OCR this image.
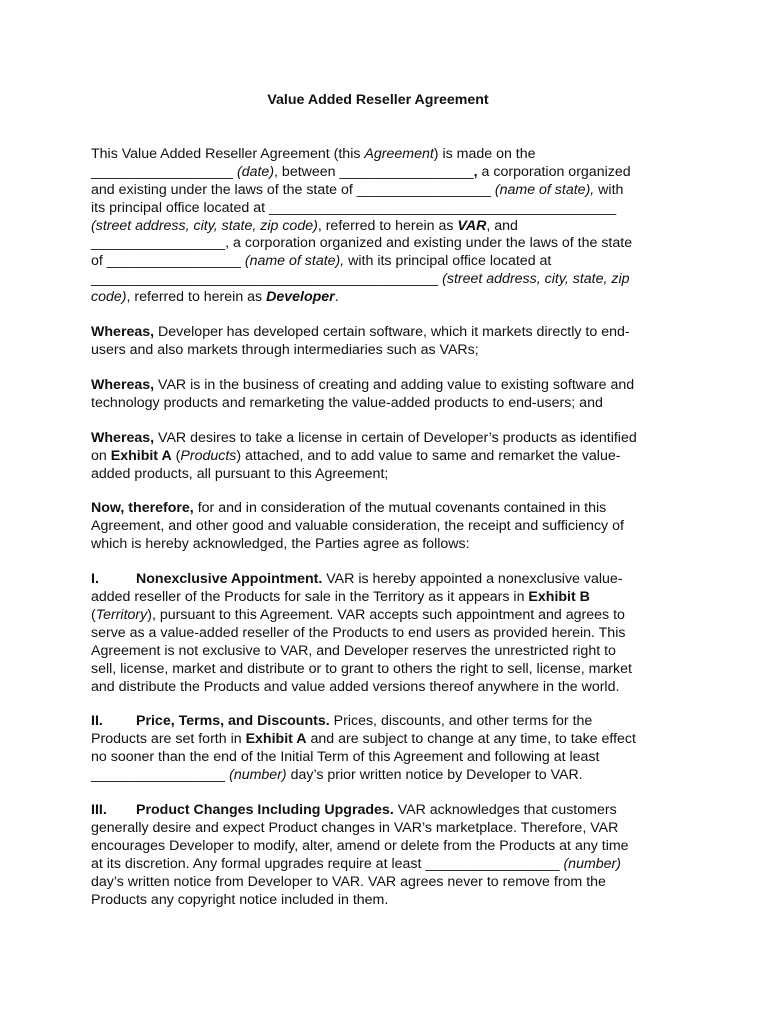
Value Added Reseller Agreement
This Value Added Reseller Agreement (this Agreement) is made on the
__________________ (date), between _________________, a corporation organized
and existing under the laws of the state of _________________ (name of state), with
its principal office located at ____________________________________________
(street address, city, state, zip code), referred to herein as VAR, and
_________________, a corporation organized and existing under the laws of the state
of _________________ (name of state), with its principal office located at
____________________________________________ (street address, city, state, zip
code), referred to herein as Developer.
Whereas, Developer has developed certain software, which it markets directly to end-
users and also markets through intermediaries such as VARs;
Whereas, VAR is in the business of creating and adding value to existing software and
technology products and remarketing the value-added products to end-users; and
Whereas, VAR desires to take a license in certain of Developer’s products as identified
on Exhibit A (Products) attached, and to add value to same and remarket the value-
added products, all pursuant to this Agreement;
Now, therefore, for and in consideration of the mutual covenants contained in this
Agreement, and other good and valuable consideration, the receipt and sufficiency of
which is hereby acknowledged, the Parties agree as follows:
I.	Nonexclusive Appointment. VAR is hereby appointed a nonexclusive value-
added reseller of the Products for sale in the Territory as it appears in Exhibit B
(Territory), pursuant to this Agreement. VAR accepts such appointment and agrees to
serve as a value-added reseller of the Products to end users as provided herein. This
Agreement is not exclusive to VAR, and Developer reserves the unrestricted right to
sell, license, market and distribute or to grant to others the right to sell, license, market
and distribute the Products and value added versions thereof anywhere in the world.
II. Price, Terms, and Discounts. Prices, discounts, and other terms for the
Products are set forth in Exhibit A and are subject to change at any time, to take effect
no sooner than the end of the Initial Term of this Agreement and following at least
_________________ (number) day’s prior written notice by Developer to VAR.
III. Product Changes Including Upgrades. VAR acknowledges that customers
generally desire and expect Product changes in VAR’s marketplace. Therefore, VAR
encourages Developer to modify, alter, amend or delete from the Products at any time
at its discretion. Any formal upgrades require at least _________________ (number)
day’s written notice from Developer to VAR. VAR agrees never to remove from the
Products any copyright notice included in them.
